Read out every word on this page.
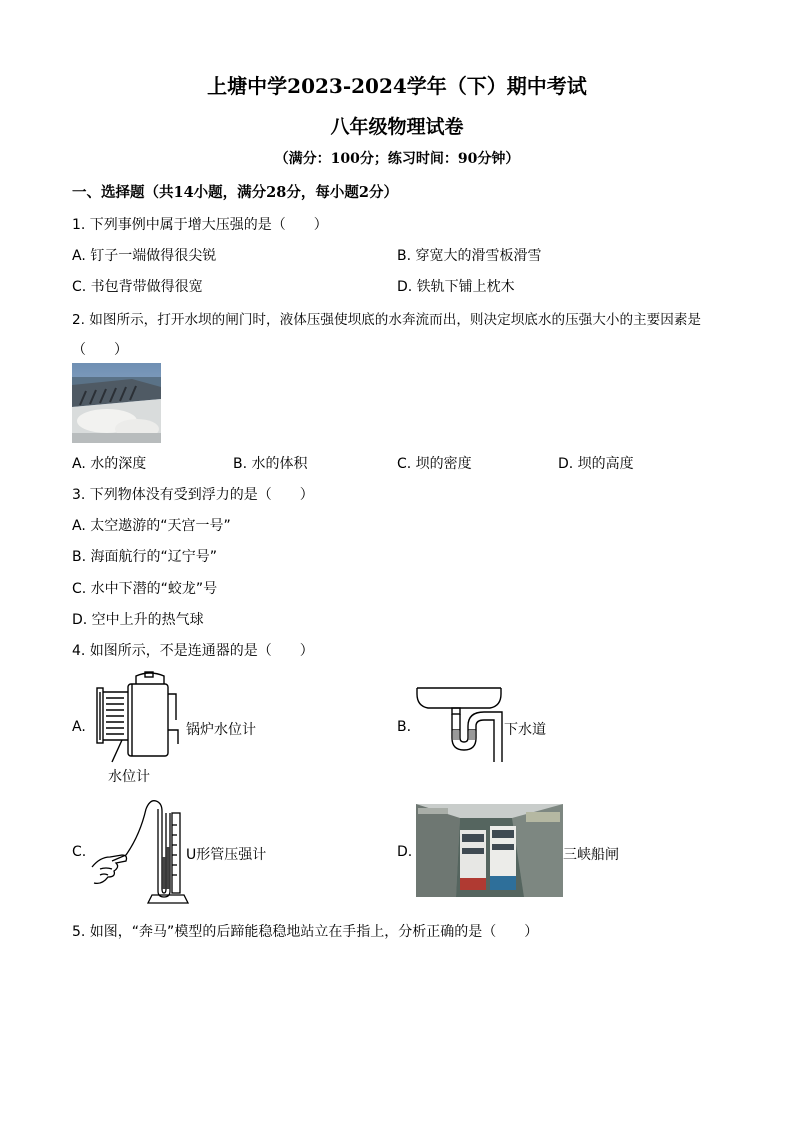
上塘中学2023-2024学年（下）期中考试
八年级物理试卷
（满分：100分；练习时间：90分钟）
一、选择题（共14小题，满分28分，每小题2分）
1. 下列事例中属于增大压强的是（　　）
A. 钉子一端做得很尖锐	B. 穿宽大的滑雪板滑雪
C. 书包背带做得很宽	D. 铁轨下铺上枕木
2. 如图所示，打开水坝的闸门时，液体压强使坝底的水奔流而出，则决定坝底水的压强大小的主要因素是
（　　）
A. 水的深度	B. 水的体积	C. 坝的密度	D. 坝的高度
3. 下列物体没有受到浮力的是（　　）
A. 太空遨游的“天宫一号”
B. 海面航行的“辽宁号”
C. 水中下潜的“蛟龙”号
D. 空中上升的热气球
4. 如图所示，不是连通器的是（　　）
A.	锅炉水位计
水位计
B.	下水道
C.	U形管压强计	D.	三峡船闸
5. 如图，“奔马”模型的后蹄能稳稳地站立在手指上，分析正确的是（　　）
